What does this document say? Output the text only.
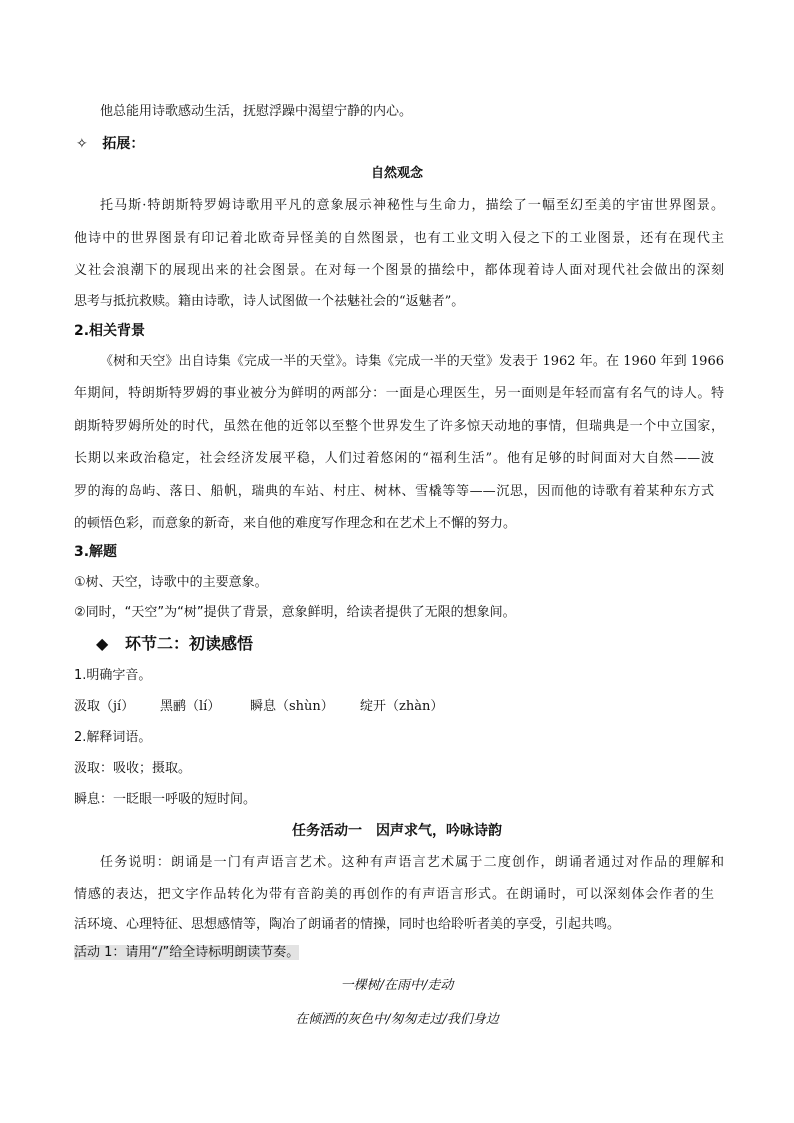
他总能用诗歌感动生活，抚慰浮躁中渴望宁静的内心。
✧ 拓展：
自然观念
托马斯·特朗斯特罗姆诗歌用平凡的意象展示神秘性与生命力，描绘了一幅至幻至美的宇宙世界图景。
他诗中的世界图景有印记着北欧奇异怪美的自然图景，也有工业文明入侵之下的工业图景，还有在现代主
义社会浪潮下的展现出来的社会图景。在对每一个图景的描绘中，都体现着诗人面对现代社会做出的深刻
思考与抵抗救赎。籍由诗歌，诗人试图做一个祛魅社会的“返魅者”。
2.相关背景
《树和天空》出自诗集《完成一半的天堂》。诗集《完成一半的天堂》发表于 1962 年。在 1960 年到 1966
年期间，特朗斯特罗姆的事业被分为鲜明的两部分：一面是心理医生，另一面则是年轻而富有名气的诗人。特
朗斯特罗姆所处的时代，虽然在他的近邻以至整个世界发生了许多惊天动地的事情，但瑞典是一个中立国家，
长期以来政治稳定，社会经济发展平稳，人们过着悠闲的“福利生活”。他有足够的时间面对大自然——波
罗的海的岛屿、落日、船帆，瑞典的车站、村庄、树林、雪橇等等——沉思，因而他的诗歌有着某种东方式
的顿悟色彩，而意象的新奇，来自他的难度写作理念和在艺术上不懈的努力。
3.解题
①树、天空，诗歌中的主要意象。
②同时，“天空”为“树”提供了背景，意象鲜明，给读者提供了无限的想象间。
◆ 环节二：初读感悟
1.明确字音。
汲取（jí） 黑鹂（lí） 瞬息（shùn） 绽开（zhàn）
2.解释词语。
汲取：吸收；摄取。
瞬息：一眨眼一呼吸的短时间。
任务活动一　因声求气，吟咏诗韵
任务说明：朗诵是一门有声语言艺术。这种有声语言艺术属于二度创作，朗诵者通过对作品的理解和
情感的表达，把文字作品转化为带有音韵美的再创作的有声语言形式。在朗诵时，可以深刻体会作者的生
活环境、心理特征、思想感情等，陶冶了朗诵者的情操，同时也给聆听者美的享受，引起共鸣。
活动 1：请用“/”给全诗标明朗读节奏。
一棵树/在雨中/走动
在倾洒的灰色中/匆匆走过/我们身边
